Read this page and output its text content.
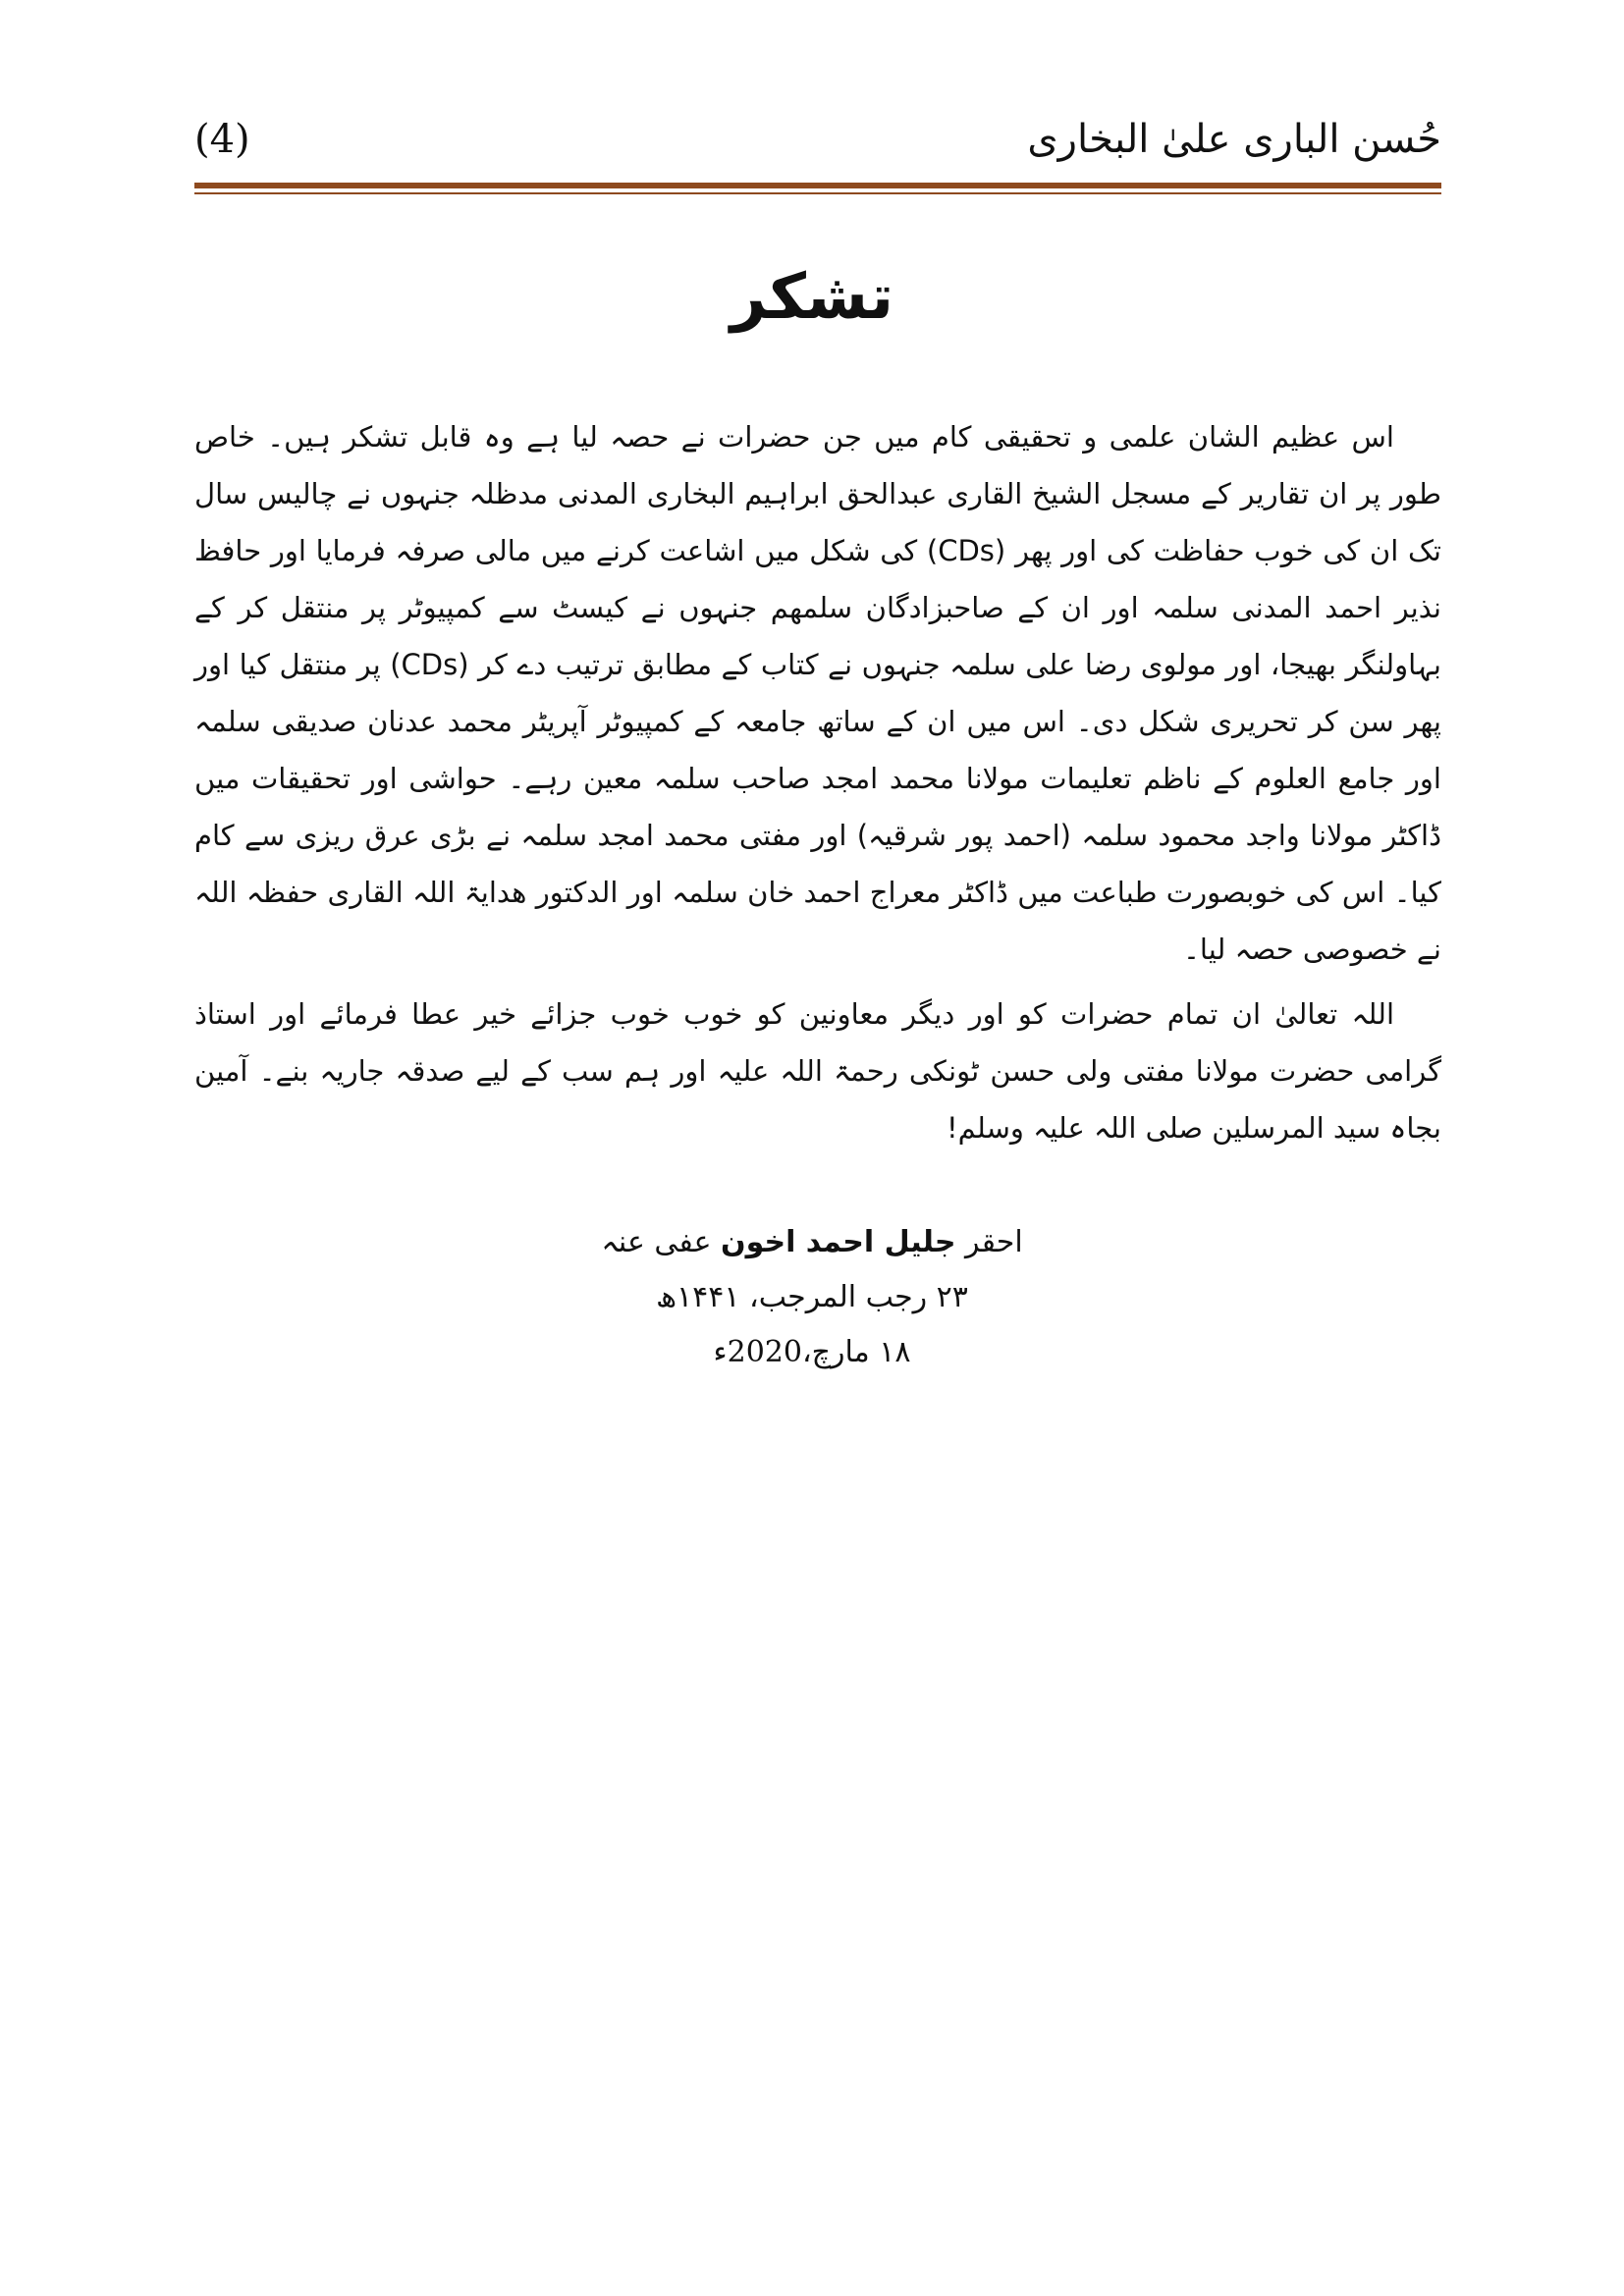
حُسن الباری علیٰ البخاری
(4)
تشکر

اس عظیم الشان علمی و تحقیقی کام میں جن حضرات نے حصہ لیا ہے وہ قابل تشکر ہیں۔ خاص طور پر ان تقاریر کے مسجل الشیخ القاری عبدالحق ابراہیم البخاری المدنی مدظلہ جنہوں نے چالیس سال تک ان کی خوب حفاظت کی اور پھر (CDs) کی شکل میں اشاعت کرنے میں مالی صرفہ فرمایا اور حافظ نذیر احمد المدنی سلمہ اور ان کے صاحبزادگان سلمھم جنہوں نے کیسٹ سے کمپیوٹر پر منتقل کر کے بہاولنگر بھیجا، اور مولوی رضا علی سلمہ جنہوں نے کتاب کے مطابق ترتیب دے کر (CDs) پر منتقل کیا اور پھر سن کر تحریری شکل دی۔ اس میں ان کے ساتھ جامعہ کے کمپیوٹر آپریٹر محمد عدنان صدیقی سلمہ اور جامع العلوم کے ناظم تعلیمات مولانا محمد امجد صاحب سلمہ معین رہے۔ حواشی اور تحقیقات میں ڈاکٹر مولانا واجد محمود سلمہ (احمد پور شرقیہ) اور مفتی محمد امجد سلمہ نے بڑی عرق ریزی سے کام کیا۔ اس کی خوبصورت طباعت میں ڈاکٹر معراج احمد خان سلمہ اور الدکتور ھدایۃ اللہ القاری حفظہ اللہ نے خصوصی حصہ لیا۔

اللہ تعالیٰ ان تمام حضرات کو اور دیگر معاونین کو خوب خوب جزائے خیر عطا فرمائے اور استاذ گرامی حضرت مولانا مفتی ولی حسن ٹونکی رحمۃ اللہ علیہ اور ہم سب کے لیے صدقہ جاریہ بنے۔ آمین بجاہ سید المرسلین صلی اللہ علیہ وسلم!

احقر جلیل احمد اخون عفی عنہ
۲۳ رجب المرجب، ۱۴۴۱ھ
۱۸ مارچ،2020ء
